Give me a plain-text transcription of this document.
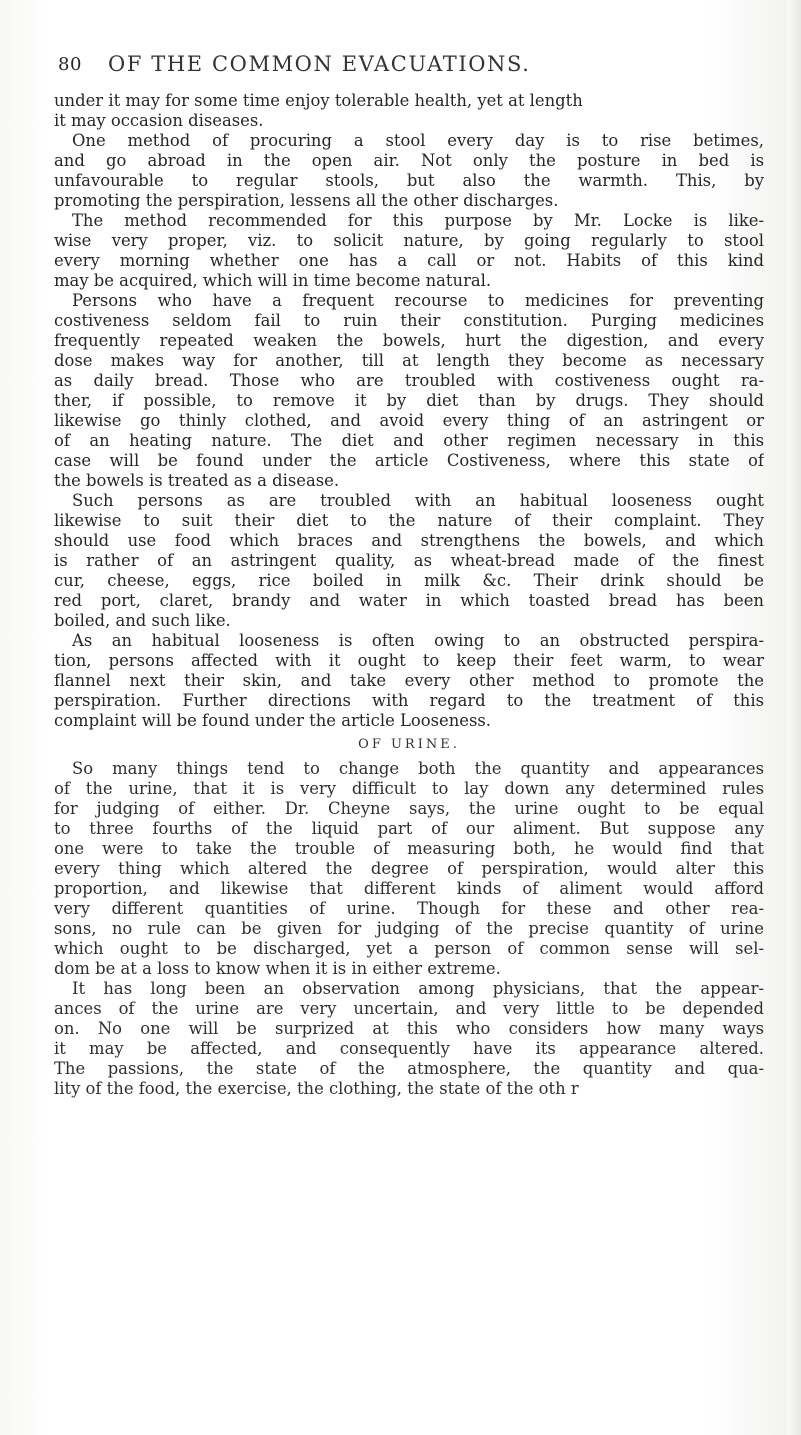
80 OF THE COMMON EVACUATIONS.
under it may for some time enjoy tolerable health, yet at length
it may occasion diseases.
One method of procuring a stool every day is to rise betimes,
and go abroad in the open air. Not only the posture in bed is
unfavourable to regular stools, but also the warmth. This, by
promoting the perspiration, lessens all the other discharges.
The method recommended for this purpose by Mr. Locke is like-
wise very proper, viz. to solicit nature, by going regularly to stool
every morning whether one has a call or not. Habits of this kind
may be acquired, which will in time become natural.
Persons who have a frequent recourse to medicines for preventing
costiveness seldom fail to ruin their constitution. Purging medicines
frequently repeated weaken the bowels, hurt the digestion, and every
dose makes way for another, till at length they become as necessary
as daily bread. Those who are troubled with costiveness ought ra-
ther, if possible, to remove it by diet than by drugs. They should
likewise go thinly clothed, and avoid every thing of an astringent or
of an heating nature. The diet and other regimen necessary in this
case will be found under the article Costiveness, where this state of
the bowels is treated as a disease.
Such persons as are troubled with an habitual looseness ought
likewise to suit their diet to the nature of their complaint. They
should use food which braces and strengthens the bowels, and which
is rather of an astringent quality, as wheat-bread made of the finest
cur, cheese, eggs, rice boiled in milk &c. Their drink should be
red port, claret, brandy and water in which toasted bread has been
boiled, and such like.
As an habitual looseness is often owing to an obstructed perspira-
tion, persons affected with it ought to keep their feet warm, to wear
flannel next their skin, and take every other method to promote the
perspiration. Further directions with regard to the treatment of this
complaint will be found under the article Looseness.
OF URINE.
So many things tend to change both the quantity and appearances
of the urine, that it is very difficult to lay down any determined rules
for judging of either. Dr. Cheyne says, the urine ought to be equal
to three fourths of the liquid part of our aliment. But suppose any
one were to take the trouble of measuring both, he would find that
every thing which altered the degree of perspiration, would alter this
proportion, and likewise that different kinds of aliment would afford
very different quantities of urine. Though for these and other rea-
sons, no rule can be given for judging of the precise quantity of urine
which ought to be discharged, yet a person of common sense will sel-
dom be at a loss to know when it is in either extreme.
It has long been an observation among physicians, that the appear-
ances of the urine are very uncertain, and very little to be depended
on. No one will be surprized at this who considers how many ways
it may be affected, and consequently have its appearance altered.
The passions, the state of the atmosphere, the quantity and qua-
lity of the food, the exercise, the clothing, the state of the oth r
